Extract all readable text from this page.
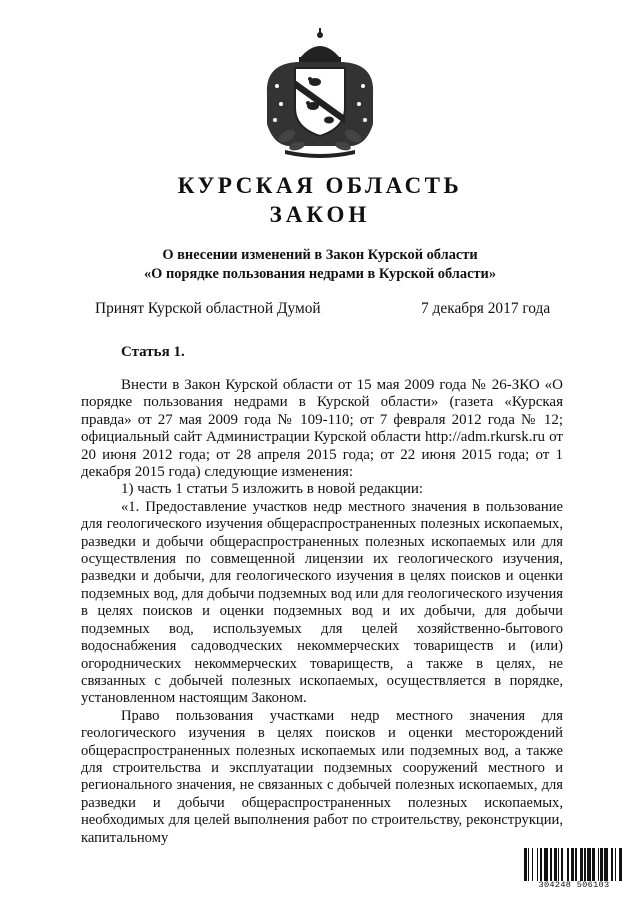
КУРСКАЯ ОБЛАСТЬ
ЗАКОН
О внесении изменений в Закон Курской области
«О порядке пользования недрами в Курской области»
Принят Курской областной Думой	7 декабря 2017 года
Статья 1.

Внести в Закон Курской области от 15 мая 2009 года № 26-ЗКО «О порядке пользования недрами в Курской области» (газета «Курская правда» от 27 мая 2009 года № 109-110; от 7 февраля 2012 года № 12; официальный сайт Администрации Курской области http://adm.rkursk.ru от 20 июня 2012 года; от 28 апреля 2015 года; от 22 июня 2015 года; от 1 декабря 2015 года) следующие изменения:

1) часть 1 статьи 5 изложить в новой редакции:

«1. Предоставление участков недр местного значения в пользование для геологического изучения общераспространенных полезных ископаемых, разведки и добычи общераспространенных полезных ископаемых или для осуществления по совмещенной лицензии их геологического изучения, разведки и добычи, для геологического изучения в целях поисков и оценки подземных вод, для добычи подземных вод или для геологического изучения в целях поисков и оценки подземных вод и их добычи, для добычи подземных вод, используемых для целей хозяйственно-бытового водоснабжения садоводческих некоммерческих товариществ и (или) огороднических некоммерческих товариществ, а также в целях, не связанных с добычей полезных ископаемых, осуществляется в порядке, установленном настоящим Законом.

Право пользования участками недр местного значения для геологического изучения в целях поисков и оценки месторождений общераспространенных полезных ископаемых или подземных вод, а также для строительства и эксплуатации подземных сооружений местного и регионального значения, не связанных с добычей полезных ископаемых, для разведки и добычи общераспространенных полезных ископаемых, необходимых для целей выполнения работ по строительству, реконструкции, капитальному

304248 506103
